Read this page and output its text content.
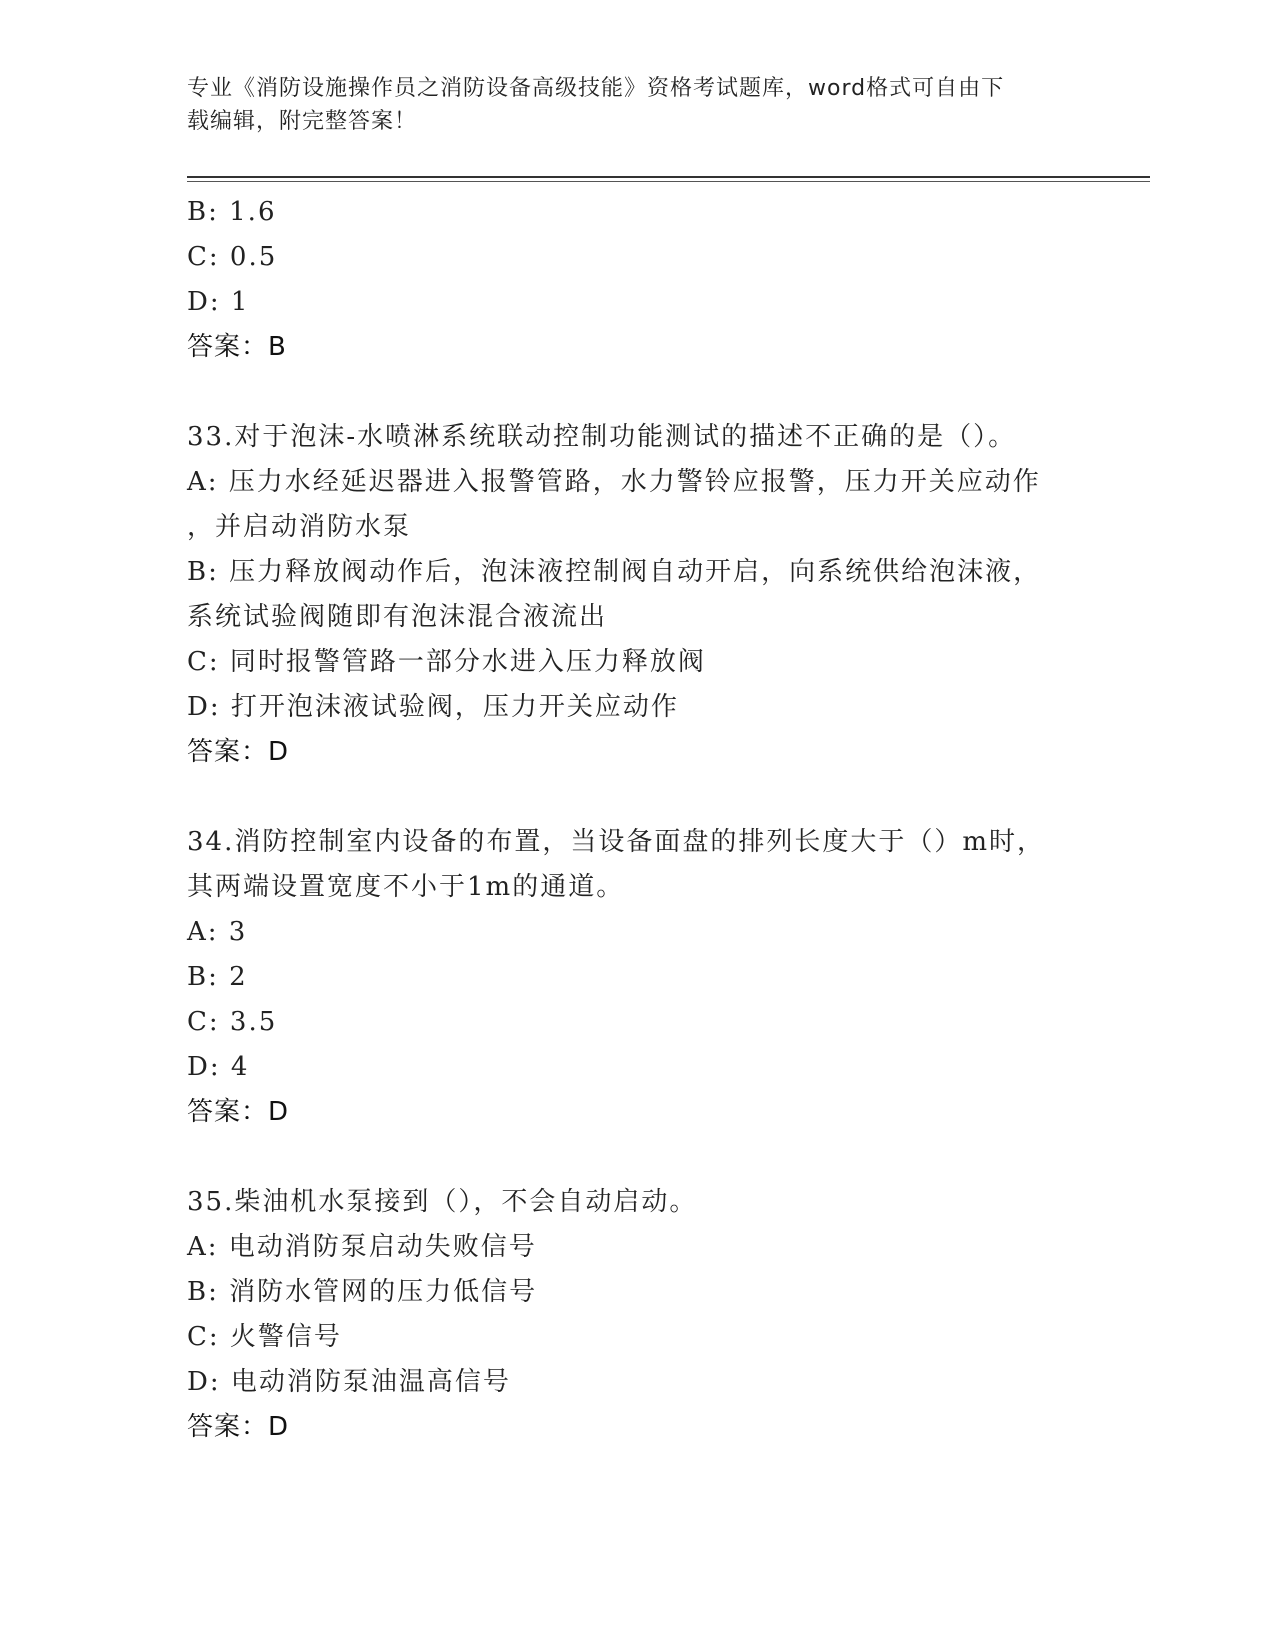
专业《消防设施操作员之消防设备高级技能》资格考试题库，word格式可自由下
载编辑，附完整答案！
B: 1.6
C: 0.5
D: 1
答案：B
33.对于泡沫-水喷淋系统联动控制功能测试的描述不正确的是（）。
A: 压力水经延迟器进入报警管路，水力警铃应报警，压力开关应动作
，并启动消防水泵
B: 压力释放阀动作后，泡沫液控制阀自动开启，向系统供给泡沫液，
系统试验阀随即有泡沫混合液流出
C: 同时报警管路一部分水进入压力释放阀
D: 打开泡沫液试验阀，压力开关应动作
答案：D
34.消防控制室内设备的布置，当设备面盘的排列长度大于（）m时，
其两端设置宽度不小于1m的通道。
A: 3
B: 2
C: 3.5
D: 4
答案：D
35.柴油机水泵接到（），不会自动启动。
A: 电动消防泵启动失败信号
B: 消防水管网的压力低信号
C: 火警信号
D: 电动消防泵油温高信号
答案：D
